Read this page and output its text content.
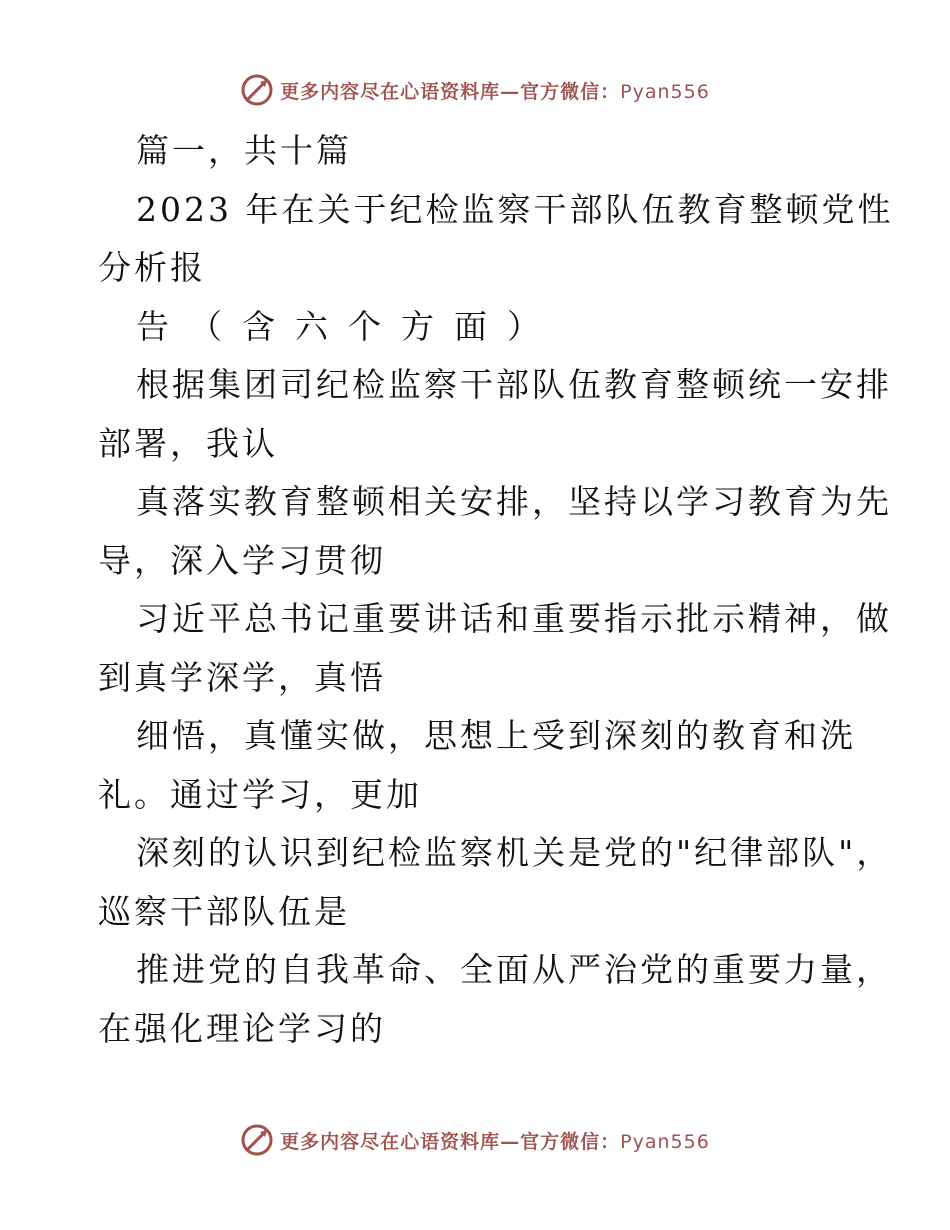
更多内容尽在心语资料库—官方微信：Pyan556
篇一，共十篇
2023 年在关于纪检监察干部队伍教育整顿党性
分析报
告（含六个方面）
根据集团司纪检监察干部队伍教育整顿统一安排
部署，我认
真落实教育整顿相关安排，坚持以学习教育为先
导，深入学习贯彻
习近平总书记重要讲话和重要指示批示精神，做
到真学深学，真悟
细悟，真懂实做，思想上受到深刻的教育和洗
礼。通过学习，更加
深刻的认识到纪检监察机关是党的"纪律部队"，
巡察干部队伍是
推进党的自我革命、全面从严治党的重要力量，
在强化理论学习的
更多内容尽在心语资料库—官方微信：Pyan556
